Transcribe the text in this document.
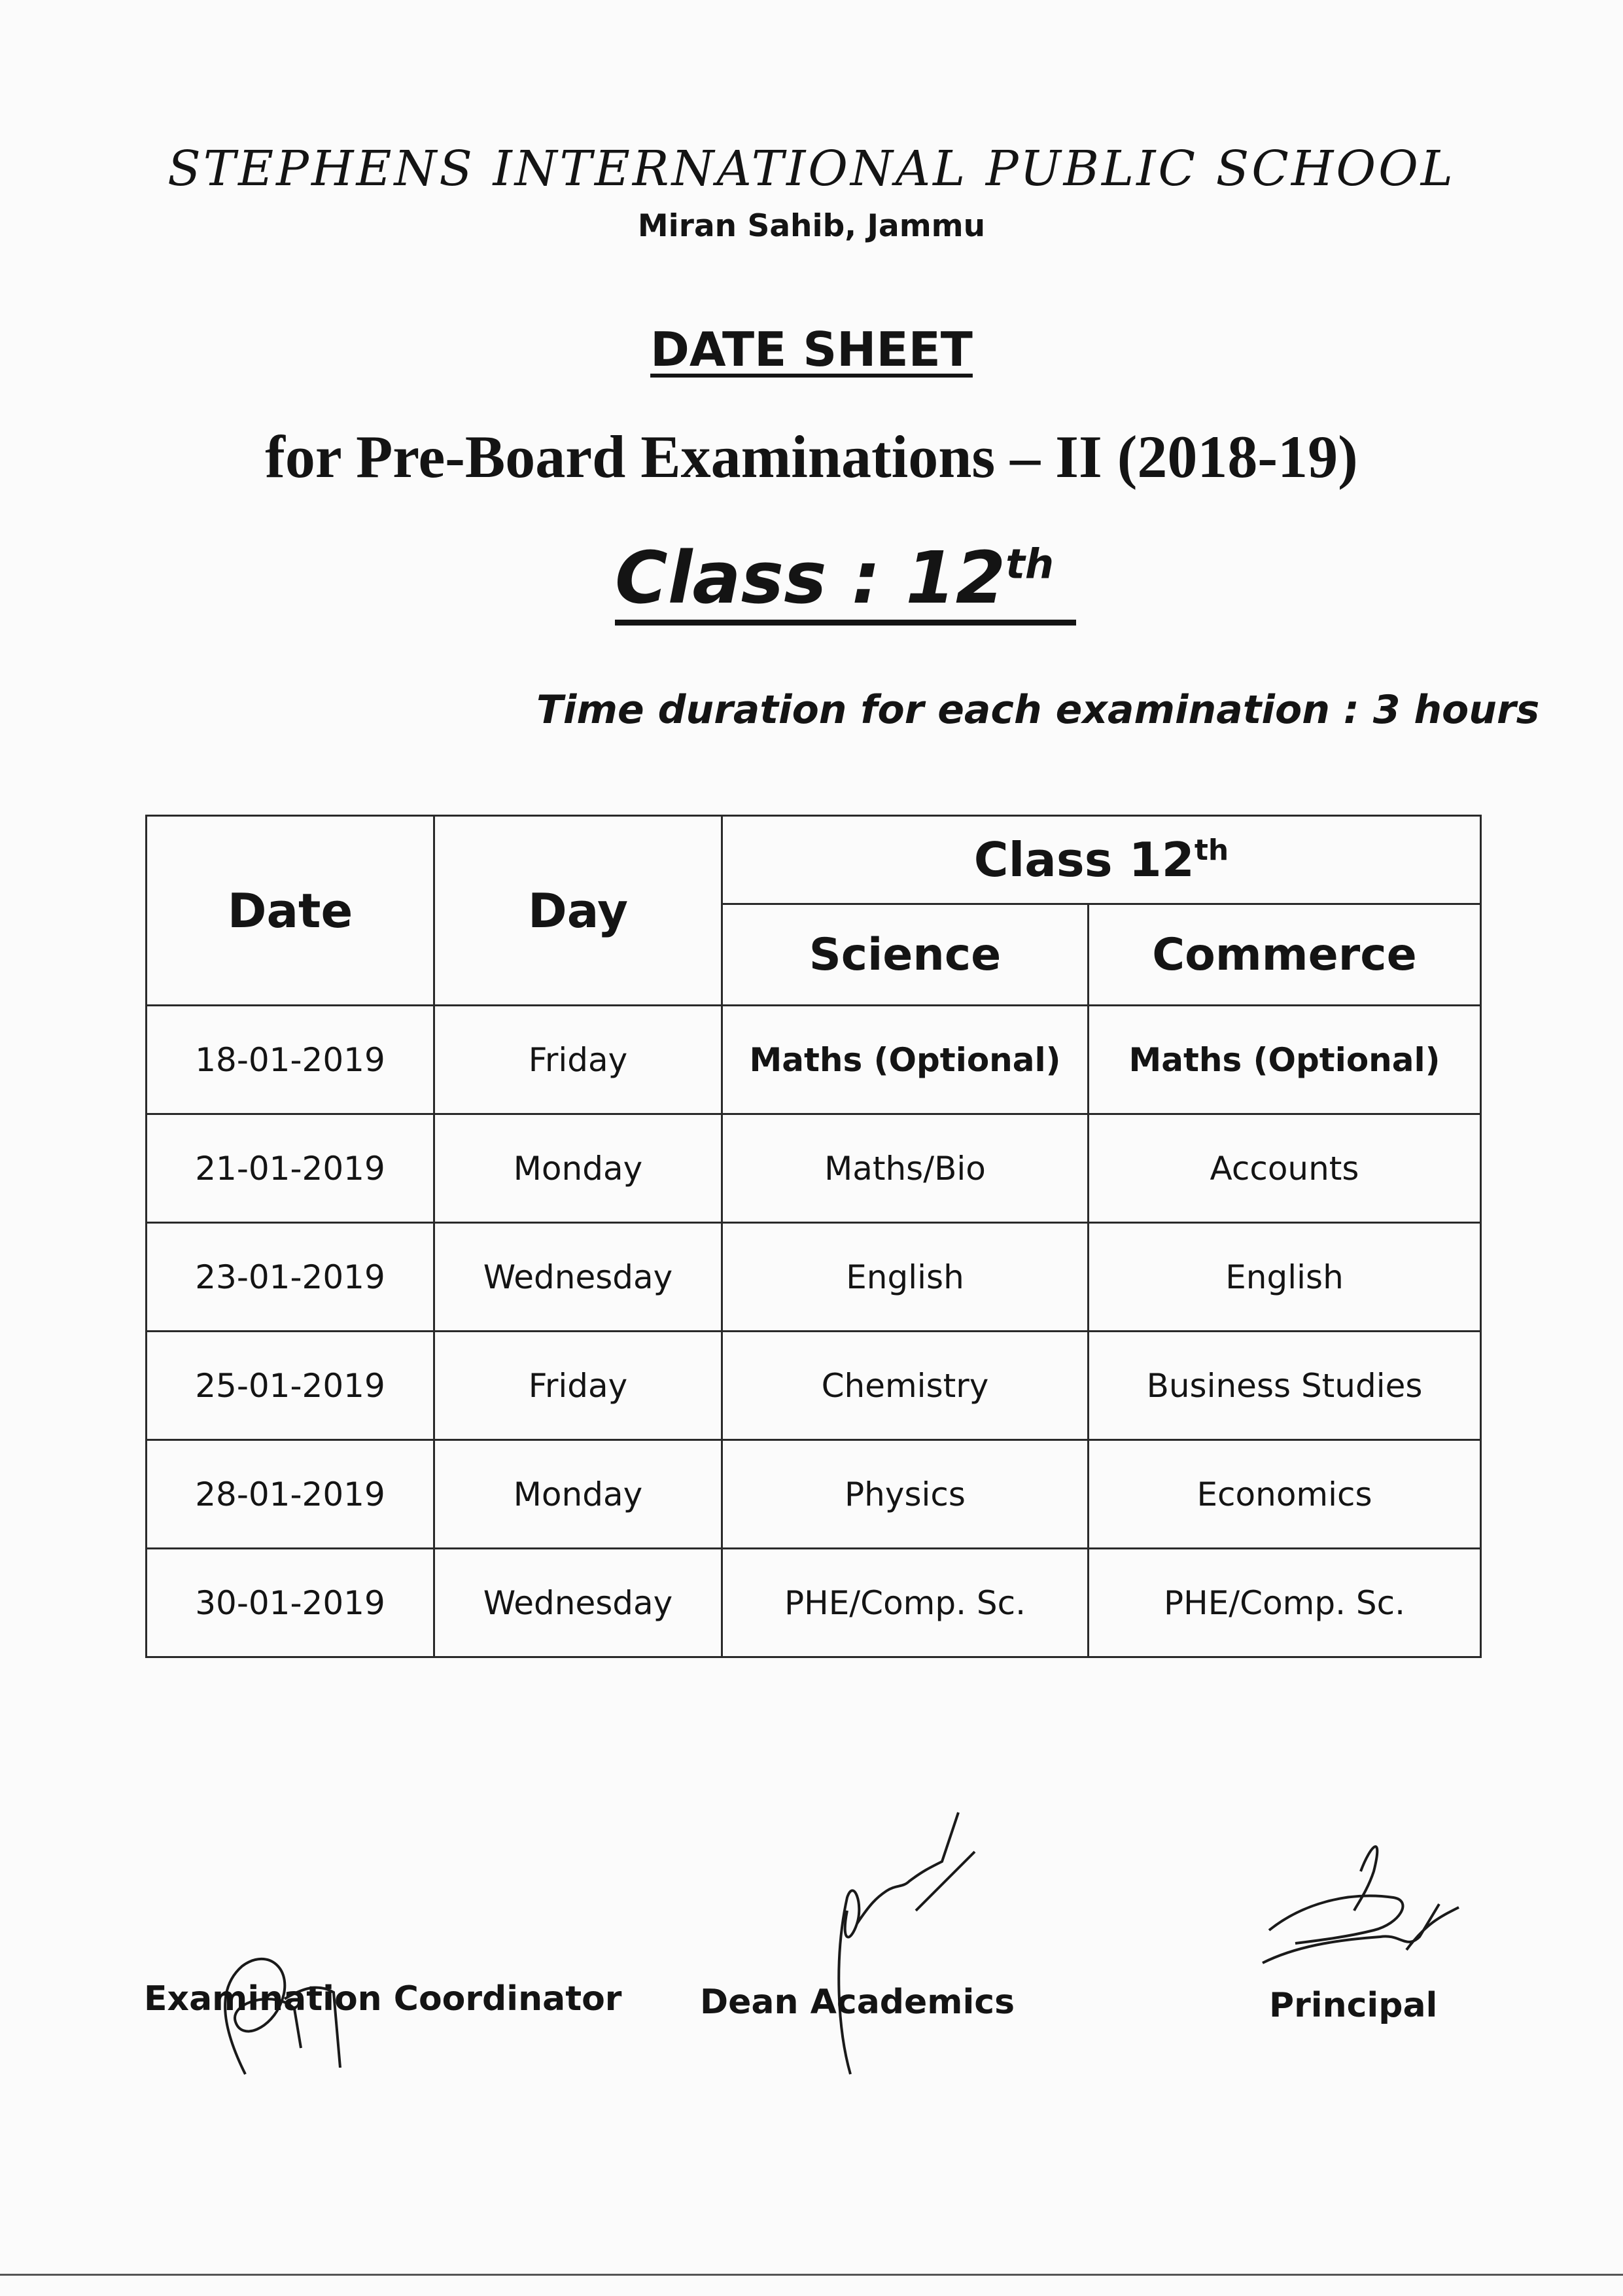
STEPHENS INTERNATIONAL PUBLIC SCHOOL
Miran Sahib, Jammu
DATE SHEET
for Pre-Board Examinations – II (2018-19)
Class : 12th
Time duration for each examination : 3 hours
Date	Day	Class 12th
		Science	Commerce
18-01-2019	Friday	Maths (Optional)	Maths (Optional)
21-01-2019	Monday	Maths/Bio	Accounts
23-01-2019	Wednesday	English	English
25-01-2019	Friday	Chemistry	Business Studies
28-01-2019	Monday	Physics	Economics
30-01-2019	Wednesday	PHE/Comp. Sc.	PHE/Comp. Sc.
Examination Coordinator Dean Academics	Principal
